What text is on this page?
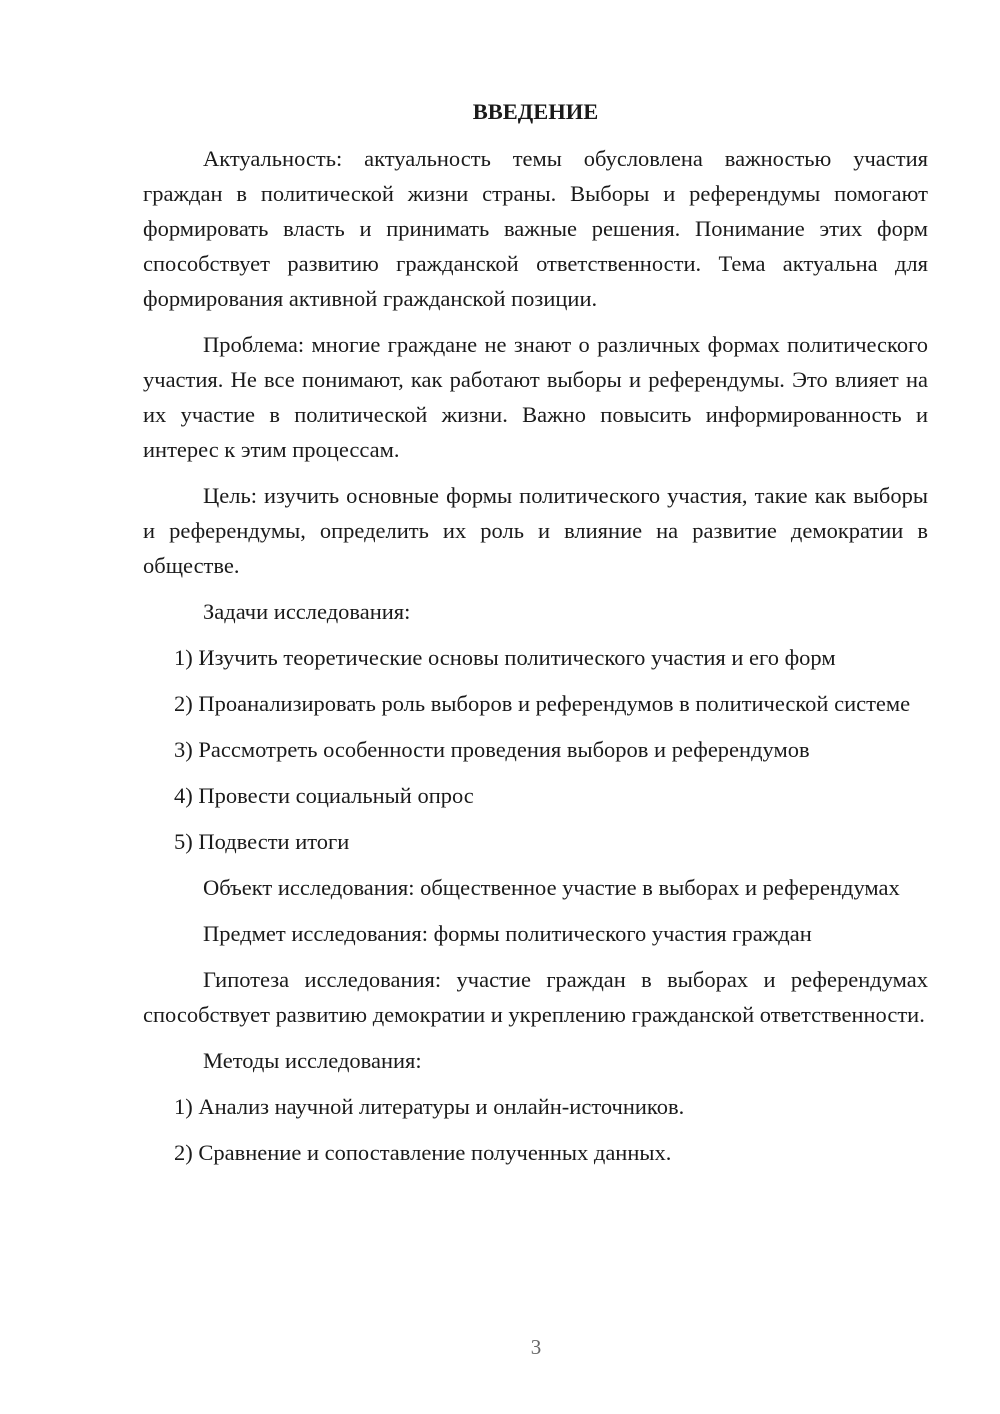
ВВЕДЕНИЕ

Актуальность: актуальность темы обусловлена важностью участия граждан в политической жизни страны. Выборы и референдумы помогают формировать власть и принимать важные решения. Понимание этих форм способствует развитию гражданской ответственности. Тема актуальна для формирования активной гражданской позиции.

Проблема: многие граждане не знают о различных формах политического участия. Не все понимают, как работают выборы и референдумы. Это влияет на их участие в политической жизни. Важно повысить информированность и интерес к этим процессам.

Цель: изучить основные формы политического участия, такие как выборы и референдумы, определить их роль и влияние на развитие демократии в обществе.

Задачи исследования:

1) Изучить теоретические основы политического участия и его форм

2) Проанализировать роль выборов и референдумов в политической системе

3) Рассмотреть особенности проведения выборов и референдумов

4) Провести социальный опрос

5) Подвести итоги

Объект исследования: общественное участие в выборах и референдумах

Предмет исследования: формы политического участия граждан

Гипотеза исследования: участие граждан в выборах и референдумах способствует развитию демократии и укреплению гражданской ответственности.

Методы исследования:

1) Анализ научной литературы и онлайн-источников.

2) Сравнение и сопоставление полученных данных.

3
